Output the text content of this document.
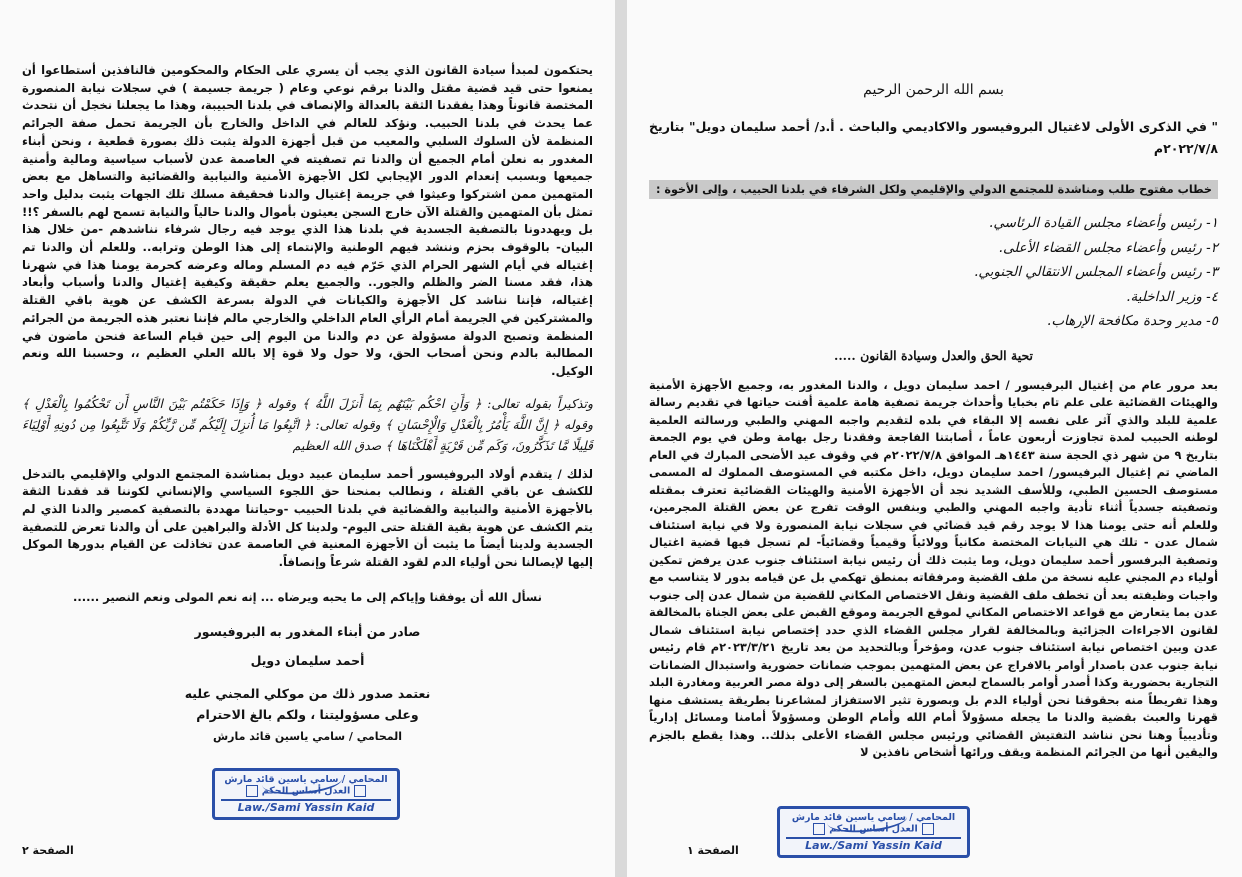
يحتكمون لمبدأ سيادة القانون الذي يجب أن يسري على الحكام والمحكومين فالنافذين أستطاعوا أن يمنعوا حتى قيد قضية مقتل والدنا برقم نوعي وعام ( جريمة جسيمة ) في سجلات نيابة المنصورة المختصة قانوناً وهذا يفقدنا الثقة بالعدالة والإنصاف في بلدنا الحبيبة، وهذا ما يجعلنا نخجل أن نتحدث عما يحدث في بلدنا الحبيب. ونؤكد للعالم في الداخل والخارج بأن الجريمة تحمل صفة الجرائم المنظمة لأن السلوك السلبي والمعيب من قبل أجهزة الدولة يثبت ذلك بصورة قطعية ، ونحن أبناء المغدور به نعلن أمام الجميع أن والدنا تم تصفيته في العاصمة عدن لأسباب سياسية ومالية وأمنية جميعها وبسبب إنعدام الدور الإيجابي لكل الأجهزة الأمنية والنيابية والقضائية والتساهل مع بعض المتهمين ممن اشتركوا وعيثوا في جريمة إغتيال والدنا فحقيقة مسلك تلك الجهات يثبت بدليل واحد تمثل بأن المتهمين والقتلة الآن خارج السجن يعيثون بأموال والدنا حالياً والنيابة تسمح لهم بالسفر ؟!! بل ويهددونا بالتصفية الجسدية في بلدنا هذا الذي يوجد فيه رجال شرفاء نناشدهم -من خلال هذا البيان- بالوقوف بحزم وننشد فيهم الوطنية والإنتماء إلى هذا الوطن وترابه.. وللعلم أن والدنا تم إغتياله في أيام الشهر الحرام الذي حَرّم فيه دم المسلم وماله وعرضه كحرمة يومنا هذا في شهرنا هذا، فقد مسنا الضر والظلم والجور.. والجميع يعلم حقيقة وكيفية إغتيال والدنا وأسباب وأبعاد إغتياله، فإننا نناشد كل الأجهزة والكيانات في الدولة بسرعة الكشف عن هوية باقي القتلة والمشتركين في الجريمة أمام الرأي العام الداخلي والخارجي مالم فإننا نعتبر هذه الجريمة من الجرائم المنظمة وتصبح الدولة مسؤولة عن دم والدنا من اليوم إلى حين قيام الساعة فنحن ماضون في المطالبة بالدم ونحن أصحاب الحق، ولا حول ولا قوة إلا بالله العلي العظيم ،، وحسبنا الله ونعم الوكيل.
وتذكيراً بقوله تعالى: ﴿ وَأَنِ احْكُم بَيْنَهُم بِمَا أَنزَلَ اللَّهُ ﴾ وقوله ﴿ وَإِذَا حَكَمْتُم بَيْنَ النَّاسِ أَن تَحْكُمُوا بِالْعَدْلِ ﴾ وقوله ﴿ إِنَّ اللَّهَ يَأْمُرُ بِالْعَدْلِ وَالْإِحْسَانِ ﴾ وقوله تعالى: ﴿ اتَّبِعُوا مَا أُنزِلَ إِلَيْكُم مِّن رَّبِّكُمْ وَلَا تَتَّبِعُوا مِن دُونِهِ أَوْلِيَاءَ قَلِيلًا مَّا تَذَكَّرُونَ، وَكَم مِّن قَرْيَةٍ أَهْلَكْنَاهَا ﴾ صدق الله العظيم
لذلك / يتقدم أولاد البروفيسور أحمد سليمان عبيد دويل بمناشدة المجتمع الدولي والإقليمي بالتدخل للكشف عن باقي القتلة ، ونطالب بمنحنا حق اللجوء السياسي والإنساني لكوننا قد فقدنا الثقة بالأجهزة الأمنية والنيابية والقضائية في بلدنا الحبيب -وحياتنا مهددة بالتصفية كمصير والدنا الذي لم يتم الكشف عن هوية بقية القتلة حتى اليوم- ولدينا كل الأدلة والبراهين على أن والدنا تعرض للتصفية الجسدية ولدينا أيضاً ما يثبت أن الأجهزة المعنية في العاصمة عدن تخاذلت عن القيام بدورها الموكل إليها لإيصالنا نحن أولياء الدم لقود القتلة شرعاً وإنصافاً.
نسأل الله أن يوفقنا وإياكم إلى ما يحبه ويرضاه ... إنه نعم المولى ونعم النصير ......
صادر من أبناء المغدور به البروفيسور
أحمد سليمان دويل
نعتمد صدور ذلك من موكلي المجني عليه
وعلى مسؤوليتنا ، ولكم بالغ الاحترام
المحامي / سامي ياسين قائد مارش
المحامي / سامي ياسين قائد مارش
العدل أساس الحكم
Law./Sami Yassin Kaid
الصفحة ٢
بسم الله الرحمن الرحيم
" في الذكرى الأولى لاغتيال البروفيسور والاكاديمي والباحث . أ.د/ أحمد سليمان دويل" بتاريخ ٢٠٢٢/٧/٨م
خطاب مفتوح طلب ومناشدة للمجتمع الدولي والإقليمي ولكل الشرفاء في بلدنا الحبيب ، وإلى الأخوة :
١- رئيس وأعضاء مجلس القيادة الرئاسي.
٢- رئيس وأعضاء مجلس القضاء الأعلى.
٣- رئيس وأعضاء المجلس الانتقالي الجنوبي.
٤- وزير الداخلية.
٥- مدير وحدة مكافحة الإرهاب.
تحية الحق والعدل وسيادة القانون .....
بعد مرور عام من إغتيال البرفيسور / احمد سليمان دويل ، والدنا المغدور به، وجميع الأجهزة الأمنية والهيئات القضائية على علم تام بخبايا وأحداث جريمة تصفية هامة علمية أفنت حياتها في تقديم رسالة علمية للبلد والذي آثر على نفسه إلا البقاء في بلده لتقديم واجبه المهني والطبي ورسالته العلمية لوطنه الحبيب لمدة تجاوزت أربعون عاماً ، أصابتنا الفاجعة وفقدنا رجل بهامة وطن في يوم الجمعة بتاريخ ٩ من شهر ذي الحجة سنة ١٤٤٣هـ الموافق ٢٠٢٢/٧/٨م في وقوف عيد الأضحى المبارك في العام الماضي تم إغتيال البرفيسور/ احمد سليمان دويل، داخل مكتبه في المستوصف المملوك له المسمى مستوصف الحسين الطبي، وللأسف الشديد نجد أن الأجهزة الأمنية والهيئات القضائية تعترف بمقتله وتصفيته جسدياً أثناء تأدية واجبه المهني والطبي وبنفس الوقت تفرج عن بعض القتلة المجرمين، وللعلم أنه حتى يومنا هذا لا يوجد رقم قيد قضائي في سجلات نيابة المنصورة ولا في نيابة استئناف شمال عدن - تلك هي النيابات المختصة مكانياً وولائياً وقيمياً وقضائياً- لم تسجل فيها قضية اغتيال وتصفية البرفسور أحمد سليمان دويل، وما يثبت ذلك أن رئيس نيابة استئناف جنوب عدن يرفض تمكين أولياء دم المجني عليه نسخة من ملف القضية ومرفقاته بمنطق تهكمي بل عن قيامه بدور لا يتناسب مع واجبات وظيفته بعد أن تخطف ملف القضية ونقل الاختصاص المكاني للقضية من شمال عدن إلى جنوب عدن بما يتعارض مع قواعد الاختصاص المكاني لموقع الجريمة وموقع القبض على بعض الجناة بالمخالفة لقانون الاجراءات الجزائية وبالمخالفة لقرار مجلس القضاء الذي حدد إختصاص نيابة استئناف شمال عدن وبين اختصاص نيابة استئناف جنوب عدن، ومؤخراً وبالتحديد من بعد تاريخ ٢٠٢٣/٣/٢١م قام رئيس نيابة جنوب عدن باصدار أوامر بالافراج عن بعض المتهمين بموجب ضمانات حضورية واستبدال الضمانات التجارية بحضورية وكذا أصدر أوامر بالسماح لبعض المتهمين بالسفر إلى دولة مصر العربية ومغادرة البلد وهذا تفريطاً منه بحقوقنا نحن أولياء الدم بل وبصورة تثير الاستفزاز لمشاعرنا بطريقة يستشف منها قهرنا والعبث بقضية والدنا ما يجعله مسؤولاً أمام الله وأمام الوطن ومسؤولاً أمامنا ومسائل إدارياً وتأديبياً وهنا نحن نناشد التفتيش القضائي ورئيس مجلس القضاء الأعلى بذلك.. وهذا يقطع بالجزم واليقين أنها من الجرائم المنظمة ويقف ورائها أشخاص نافذين لا
المحامي / سامي ياسين قائد مارش
العدل أساس الحكم
Law./Sami Yassin Kaid
الصفحة ١
